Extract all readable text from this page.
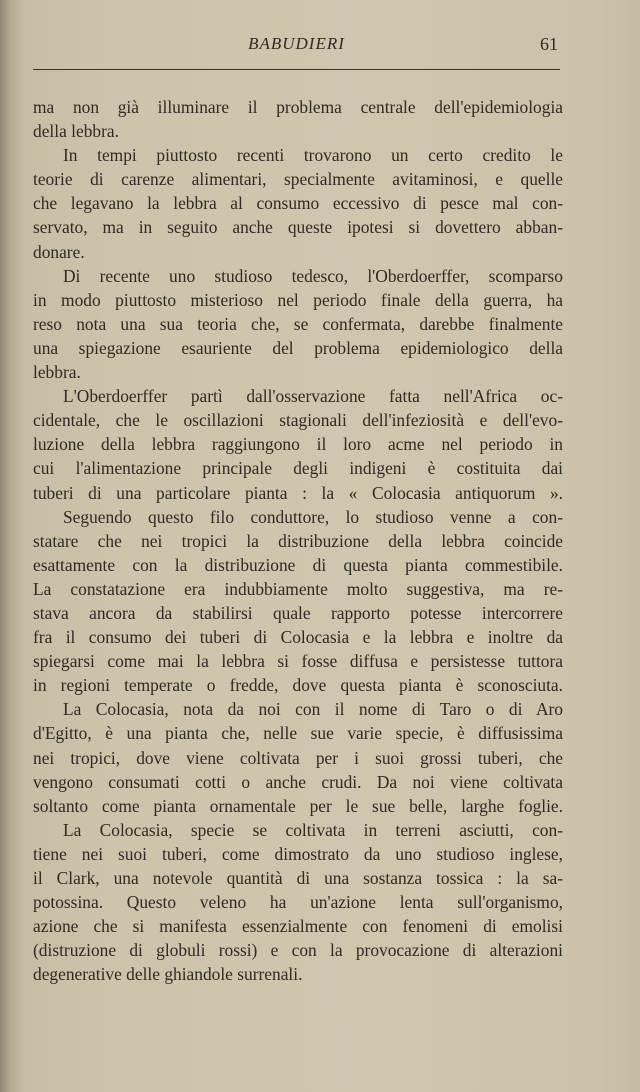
BABUDIERI	61
ma non già illuminare il problema centrale dell'epidemiologia
della lebbra.
In tempi piuttosto recenti trovarono un certo credito le
teorie di carenze alimentari, specialmente avitaminosi, e quelle
che legavano la lebbra al consumo eccessivo di pesce mal con-
servato, ma in seguito anche queste ipotesi si dovettero abban-
donare.
Di recente uno studioso tedesco, l'Oberdoerffer, scomparso
in modo piuttosto misterioso nel periodo finale della guerra, ha
reso nota una sua teoria che, se confermata, darebbe finalmente
una spiegazione esauriente del problema epidemiologico della
lebbra.
L'Oberdoerffer partì dall'osservazione fatta nell'Africa oc-
cidentale, che le oscillazioni stagionali dell'infeziosità e dell'evo-
luzione della lebbra raggiungono il loro acme nel periodo in
cui l'alimentazione principale degli indigeni è costituita dai
tuberi di una particolare pianta : la « Colocasia antiquorum ».
Seguendo questo filo conduttore, lo studioso venne a con-
statare che nei tropici la distribuzione della lebbra coincide
esattamente con la distribuzione di questa pianta commestibile.
La constatazione era indubbiamente molto suggestiva, ma re-
stava ancora da stabilirsi quale rapporto potesse intercorrere
fra il consumo dei tuberi di Colocasia e la lebbra e inoltre da
spiegarsi come mai la lebbra si fosse diffusa e persistesse tuttora
in regioni temperate o fredde, dove questa pianta è sconosciuta.
La Colocasia, nota da noi con il nome di Taro o di Aro
d'Egitto, è una pianta che, nelle sue varie specie, è diffusissima
nei tropici, dove viene coltivata per i suoi grossi tuberi, che
vengono consumati cotti o anche crudi. Da noi viene coltivata
soltanto come pianta ornamentale per le sue belle, larghe foglie.
La Colocasia, specie se coltivata in terreni asciutti, con-
tiene nei suoi tuberi, come dimostrato da uno studioso inglese,
il Clark, una notevole quantità di una sostanza tossica : la sa-
potossina. Questo veleno ha un'azione lenta sull'organismo,
azione che si manifesta essenzialmente con fenomeni di emolisi
(distruzione di globuli rossi) e con la provocazione di alterazioni
degenerative delle ghiandole surrenali.
